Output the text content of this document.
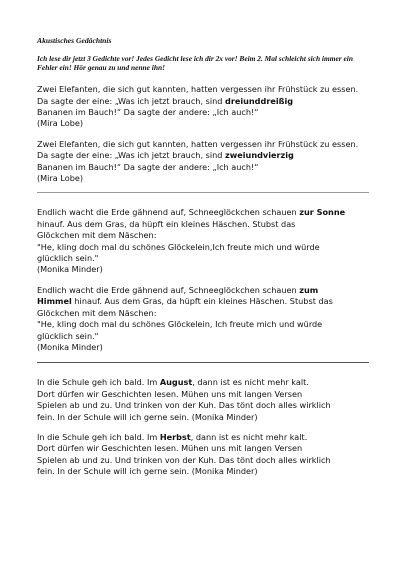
Akustisches Gedächtnis

Ich lese dir jetzt 3 Gedichte vor! Jedes Gedicht lese ich dir 2x vor! Beim 2. Mal schleicht sich immer ein Fehler ein! Hör genau zu und nenne ihn!

Zwei Elefanten, die sich gut kannten, hatten vergessen ihr Frühstück zu essen. Da sagte der eine: „Was ich jetzt brauch, sind dreiunddreißig
Bananen im Bauch!“ Da sagte der andere: „Ich auch!“
(Mira Lobe)

Zwei Elefanten, die sich gut kannten, hatten vergessen ihr Frühstück zu essen. Da sagte der eine: „Was ich jetzt brauch, sind zweiundvierzig
Bananen im Bauch!“ Da sagte der andere: „Ich auch!“
(Mira Lobe)

Endlich wacht die Erde gähnend auf, Schneeglöckchen schauen zur Sonne
hinauf. Aus dem Gras, da hüpft ein kleines Häschen. Stubst das
Glöckchen mit dem Näschen:
"He, kling doch mal du schönes Glöckelein,Ich freute mich und würde
glücklich sein."
(Monika Minder)

Endlich wacht die Erde gähnend auf, Schneeglöckchen schauen zum
Himmel hinauf. Aus dem Gras, da hüpft ein kleines Häschen. Stubst das
Glöckchen mit dem Näschen:
"He, kling doch mal du schönes Glöckelein, Ich freute mich und würde
glücklich sein."
(Monika Minder)

In die Schule geh ich bald. Im August, dann ist es nicht mehr kalt.
Dort dürfen wir Geschichten lesen. Mühen uns mit langen Versen
Spielen ab und zu. Und trinken von der Kuh. Das tönt doch alles wirklich
fein. In der Schule will ich gerne sein. (Monika Minder)

In die Schule geh ich bald. Im Herbst, dann ist es nicht mehr kalt.
Dort dürfen wir Geschichten lesen. Mühen uns mit langen Versen
Spielen ab und zu. Und trinken von der Kuh. Das tönt doch alles wirklich
fein. In der Schule will ich gerne sein. (Monika Minder)
